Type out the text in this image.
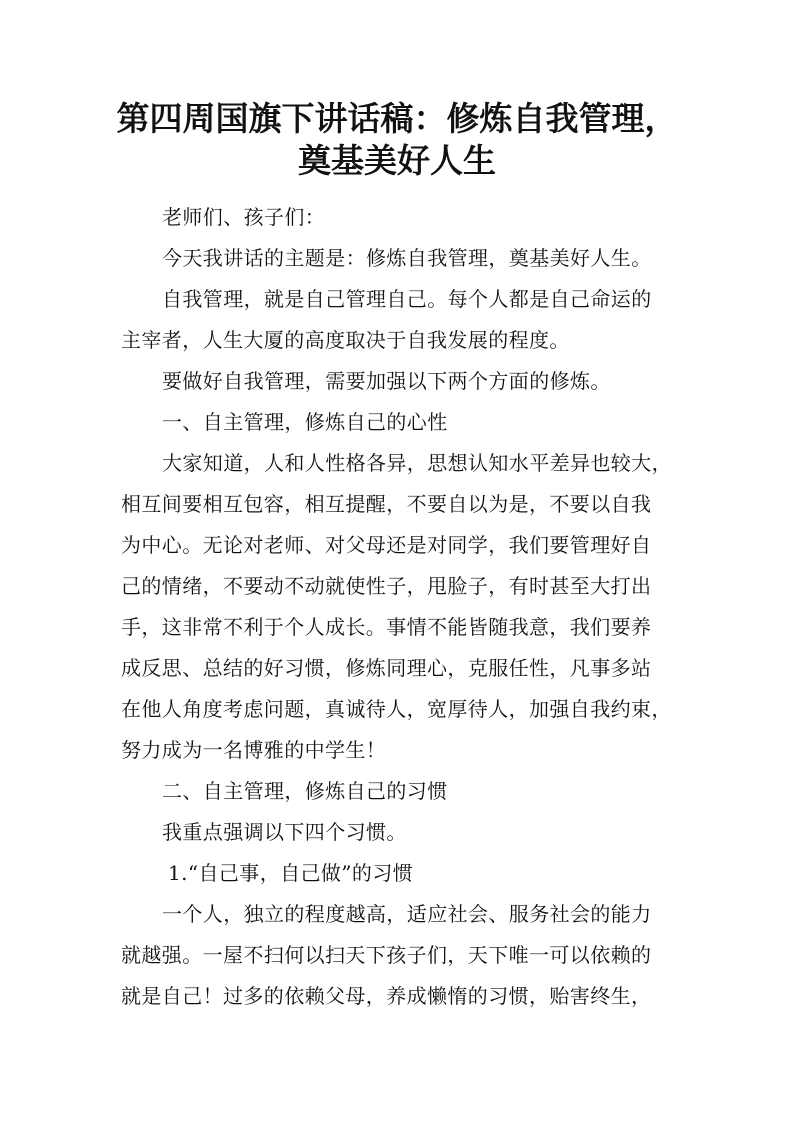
第四周国旗下讲话稿：修炼自我管理，
奠基美好人生
老师们、孩子们：
今天我讲话的主题是：修炼自我管理，奠基美好人生。
自我管理，就是自己管理自己。每个人都是自己命运的
主宰者，人生大厦的高度取决于自我发展的程度。
要做好自我管理，需要加强以下两个方面的修炼。
一、自主管理，修炼自己的心性
大家知道，人和人性格各异，思想认知水平差异也较大，
相互间要相互包容，相互提醒，不要自以为是，不要以自我
为中心。无论对老师、对父母还是对同学，我们要管理好自
己的情绪，不要动不动就使性子，甩脸子，有时甚至大打出
手，这非常不利于个人成长。事情不能皆随我意，我们要养
成反思、总结的好习惯，修炼同理心，克服任性，凡事多站
在他人角度考虑问题，真诚待人，宽厚待人，加强自我约束，
努力成为一名博雅的中学生！
二、自主管理，修炼自己的习惯
我重点强调以下四个习惯。
1.“自己事，自己做”的习惯
一个人，独立的程度越高，适应社会、服务社会的能力
就越强。一屋不扫何以扫天下孩子们，天下唯一可以依赖的
就是自己！过多的依赖父母，养成懒惰的习惯，贻害终生，
